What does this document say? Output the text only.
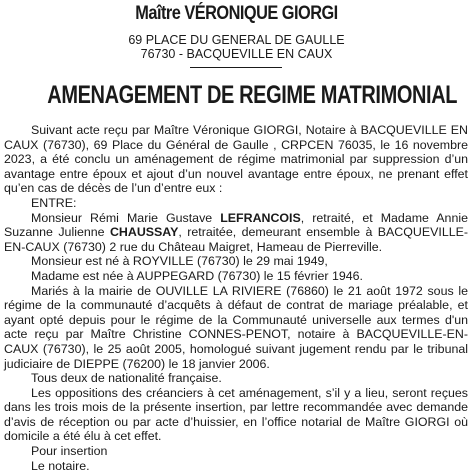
Maître VÉRONIQUE GIORGI
69 PLACE DU GENERAL DE GAULLE
76730 - BACQUEVILLE EN CAUX
AMENAGEMENT DE REGIME MATRIMONIAL

Suivant acte reçu par Maître Véronique GIORGI, Notaire à BACQUEVILLE EN CAUX (76730), 69 Place du Général de Gaulle , CRPCEN 76035, le 16 novembre 2023, a été conclu un aménagement de régime matrimonial par suppression d’un avantage entre époux et ajout d’un nouvel avantage entre époux, ne prenant effet qu’en cas de décès de l’un d’entre eux :

ENTRE:

Monsieur Rémi Marie Gustave LEFRANCOIS, retraité, et Madame Annie Suzanne Julienne CHAUSSAY, retraitée, demeurant ensemble à BACQUEVILLE-EN-CAUX (76730) 2 rue du Château Maigret, Hameau de Pierreville.

Monsieur est né à ROYVILLE (76730) le 29 mai 1949,

Madame est née à AUPPEGARD (76730) le 15 février 1946.

Mariés à la mairie de OUVILLE LA RIVIERE (76860) le 21 août 1972 sous le régime de la communauté d’acquêts à défaut de contrat de mariage préalable, et ayant opté depuis pour le régime de la Communauté universelle aux termes d'un acte reçu par Maître Christine CONNES-PENOT, notaire à BACQUEVILLE-EN-CAUX (76730), le 25 août 2005, homologué suivant jugement rendu par le tribunal judiciaire de DIEPPE (76200) le 18 janvier 2006.

Tous deux de nationalité française.

Les oppositions des créanciers à cet aménagement, s’il y a lieu, seront reçues dans les trois mois de la présente insertion, par lettre recommandée avec demande d’avis de réception ou par acte d’huissier, en l’office notarial de Maître GIORGI où domicile a été élu à cet effet.

Pour insertion

Le notaire.
